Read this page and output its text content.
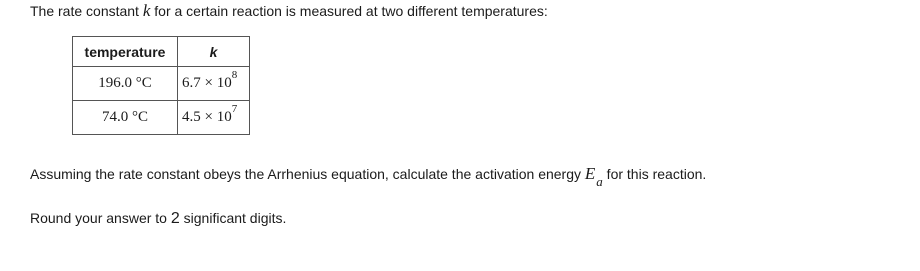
The rate constant k for a certain reaction is measured at two different temperatures:
temperature	k
196.0 °C	$6.7 \times 10^8$
74.0 °C	$4.5 \times 10^7$
Assuming the rate constant obeys the Arrhenius equation, calculate the activation energy Ea for this reaction.
Round your answer to 2 significant digits.
